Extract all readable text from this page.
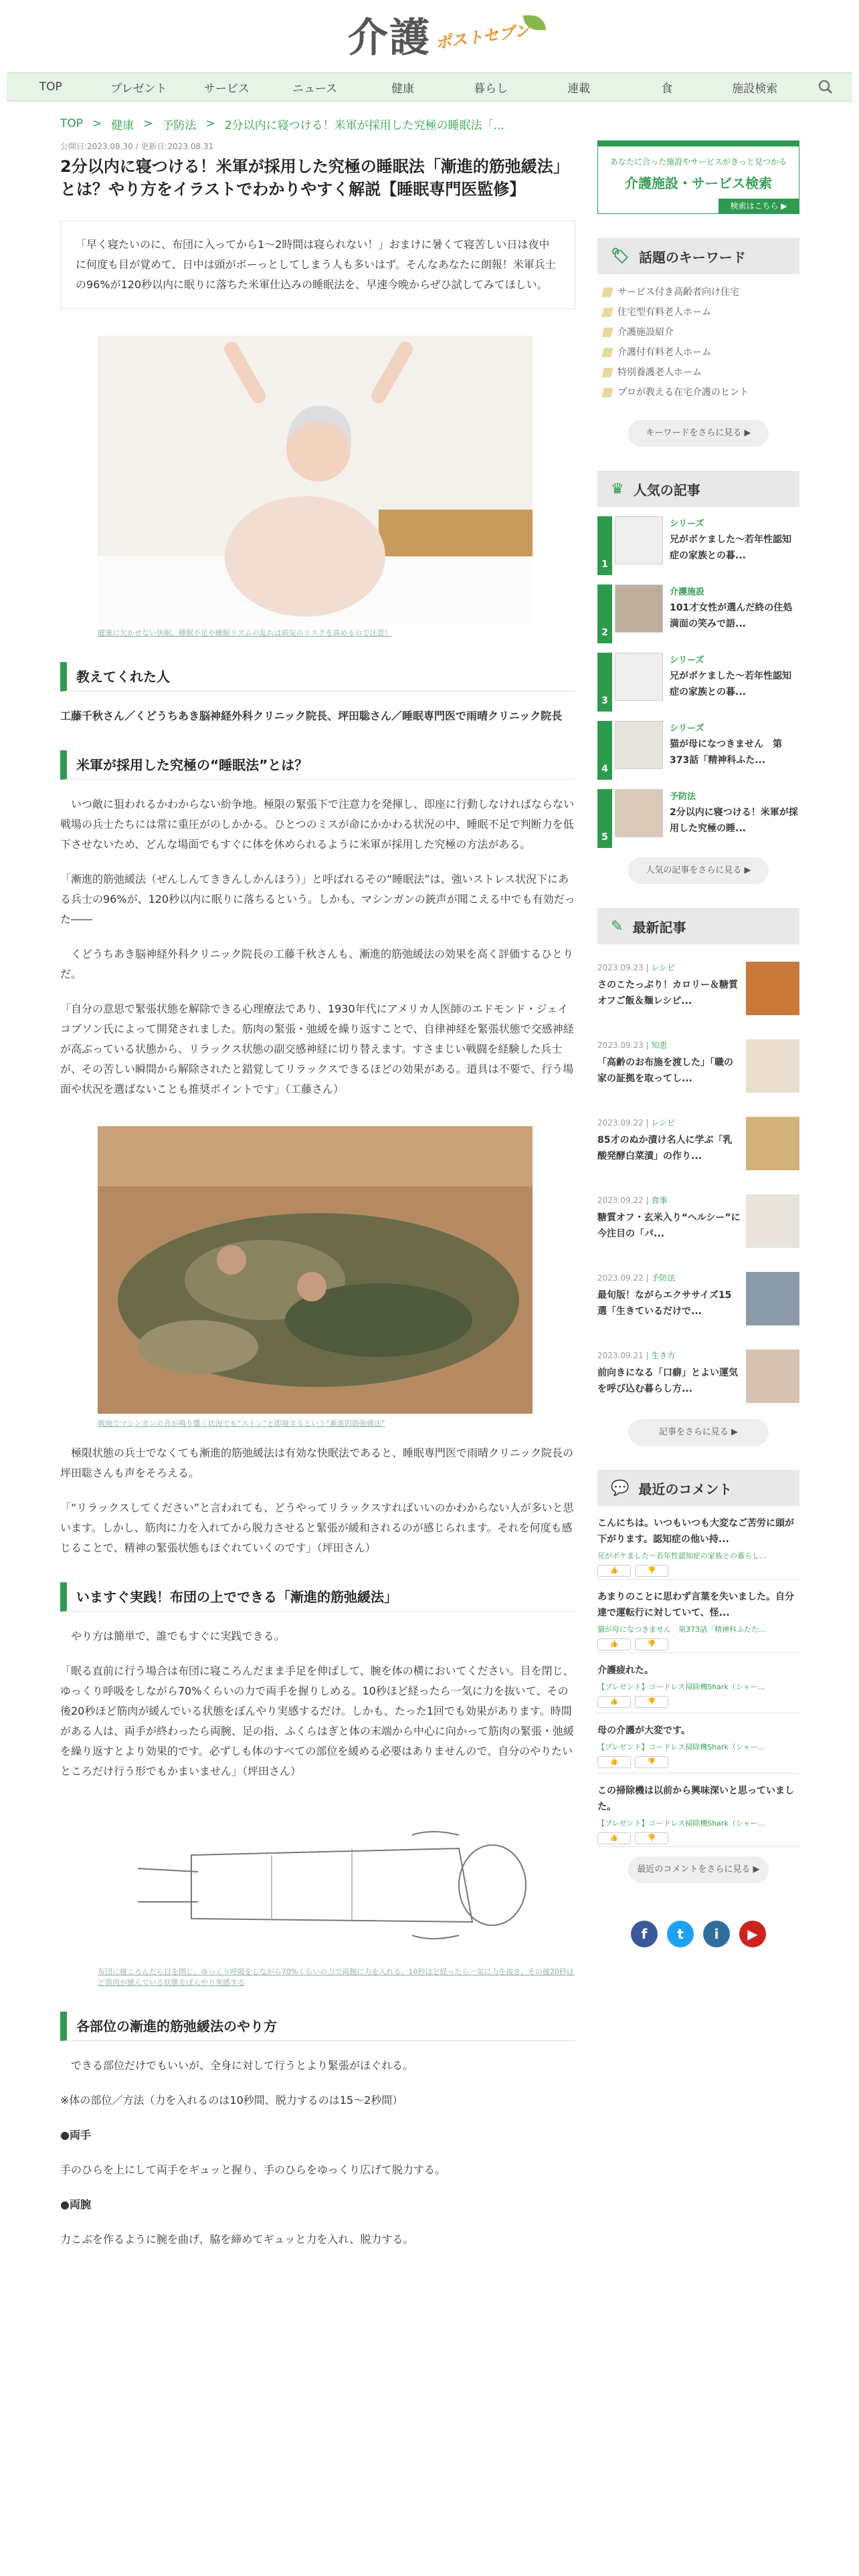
介護 ポストセブン
TOP	プレゼント	サービス	ニュース	健康	暮らし	連載	食	施設検索
TOP > 健康 > 予防法 > 2分以内に寝つける！米軍が採用した究極の睡眠法「...
公開日:2023.08.30 / 更新日:2023.08.31
2分以内に寝つける！米軍が採用した究極の睡眠法「漸進的筋弛緩法」とは？やり方をイラストでわかりやすく解説【睡眠専門医監修】
「早く寝たいのに、布団に入ってから1〜2時間は寝られない！」おまけに暑くて寝苦しい日は夜中に何度も目が覚めて、日中は頭がボーっとしてしまう人も多いはず。そんなあなたに朗報！米軍兵士の96%が120秒以内に眠りに落ちた米軍仕込みの睡眠法を、早速今晩からぜひ試してみてほしい。
健康に欠かせない快眠。睡眠不足や睡眠リズムの乱れは病気のリスクを高めるので注意！
教えてくれた人

工藤千秋さん／くどうちあき脳神経外科クリニック院長、坪田聡さん／睡眠専門医で雨晴クリニック院長

米軍が採用した究極の“睡眠法”とは？

いつ敵に狙われるかわからない紛争地。極限の緊張下で注意力を発揮し、即座に行動しなければならない戦場の兵士たちには常に重圧がのしかかる。ひとつのミスが命にかかわる状況の中、睡眠不足で判断力を低下させないため、どんな場面でもすぐに体を休められるように米軍が採用した究極の方法がある。

「漸進的筋弛緩法（ぜんしんてききんしかんほう）」と呼ばれるその“睡眠法”は、強いストレス状況下にある兵士の96%が、120秒以内に眠りに落ちるという。しかも、マシンガンの銃声が聞こえる中でも有効だった――

くどうちあき脳神経外科クリニック院長の工藤千秋さんも、漸進的筋弛緩法の効果を高く評価するひとりだ。

「自分の意思で緊張状態を解除できる心理療法であり、1930年代にアメリカ人医師のエドモンド・ジェイコブソン氏によって開発されました。筋肉の緊張・弛緩を繰り返すことで、自律神経を緊張状態で交感神経が高ぶっている状態から、リラックス状態の副交感神経に切り替えます。すさまじい戦闘を経験した兵士が、その苦しい瞬間から解除されたと錯覚してリラックスできるほどの効果がある。道具は不要で、行う場面や状況を選ばないことも推奨ポイントです」（工藤さん）

戦地でマシンガンの音が鳴り響く状況でも“ストン”と即寝するという“漸進的筋弛緩法”

極限状態の兵士でなくても漸進的筋弛緩法は有効な快眠法であると、睡眠専門医で雨晴クリニック院長の坪田聡さんも声をそろえる。

「“リラックスしてください”と言われても、どうやってリラックスすればいいのかわからない人が多いと思います。しかし、筋肉に力を入れてから脱力させると緊張が緩和されるのが感じられます。それを何度も感じることで、精神の緊張状態もほぐれていくのです」（坪田さん）

いますぐ実践！布団の上でできる「漸進的筋弛緩法」

やり方は簡単で、誰でもすぐに実践できる。

「眠る直前に行う場合は布団に寝ころんだまま手足を伸ばして、腕を体の横においてください。目を閉じ、ゆっくり呼吸をしながら70%くらいの力で両手を握りしめる。10秒ほど経ったら一気に力を抜いて、その後20秒ほど筋肉が緩んでいる状態をぼんやり実感するだけ。しかも、たった1回でも効果があります。時間がある人は、両手が終わったら両腕、足の指、ふくらはぎと体の末端から中心に向かって筋肉の緊張・弛緩を繰り返すとより効果的です。必ずしも体のすべての部位を緩める必要はありませんので、自分のやりたいところだけ行う形でもかまいません」（坪田さん）

布団に寝ころんだら目を閉じ、ゆっくり呼吸をしながら70%くらいの力で両腕に力を入れる。10秒ほど経ったら一気に力を抜き、その後20秒ほど筋肉が緩んでいる状態をぼんやり実感する
各部位の漸進的筋弛緩法のやり方

できる部位だけでもいいが、全身に対して行うとより緊張がほぐれる。

※体の部位／方法（力を入れるのは10秒間、脱力するのは15〜2秒間）

●両手

手のひらを上にして両手をギュッと握り、手のひらをゆっくり広げて脱力する。

●両腕

力こぶを作るように腕を曲げ、脇を締めてギュッと力を入れ、脱力する。

あなたに合った施設やサービスがきっと見つかる
介護施設・サービス検索
検索はこちら ▶
🏷 話題のキーワード
サービス付き高齢者向け住宅
住宅型有料老人ホーム
介護施設紹介
介護付有料老人ホーム
特別養護老人ホーム
プロが教える在宅介護のヒント
キーワードをさらに見る ▶
♛ 人気の記事
1
シリーズ
兄がボケました〜若年性認知症の家族との暮...
2
介護施設
101才女性が選んだ終の住処　満面の笑みで語...
3
シリーズ
兄がボケました〜若年性認知症の家族との暮...
4
シリーズ
猫が母になつきません　第373話「精神科ふた...
5
予防法
2分以内に寝つける！米軍が採用した究極の睡...
人気の記事をさらに見る ▶
✎ 最新記事
2023.09.23 | レシピ
さのこたっぷり！カロリー＆糖質オフご飯＆麺レシピ...
2023.09.23 | 知恵
「高齢のお布施を渡した」「職の家の証拠を取ってし...
2023.09.22 | レシピ
85才のぬか漬け名人に学ぶ「乳酸発酵白菜漬」の作り...
2023.09.22 | 食事
糖質オフ・玄米入り“ヘルシー”に今注目の「パ...
2023.09.22 | 予防法
最旬版！ながらエクササイズ15選「生きているだけで...
2023.09.21 | 生き方
前向きになる「口癖」とよい運気を呼び込む暮らし方...
記事をさらに見る ▶
💬 最近のコメント
こんにちは。いつもいつも大変なご苦労に頭が下がります。認知症の他い持...
兄がボケました〜若年性認知症の家族との暮らし...
👍	👎
あまりのことに思わず言葉を失いました。自分達で運転行に対していて、怪...
猫が母になつきません　第373話「精神科ふたた...
👍	👎
介護疲れた。
【プレゼント】コードレス掃除機Shark（シャー...
👍	👎
母の介護が大変です。
【プレゼント】コードレス掃除機Shark（シャー...
👍	👎
この掃除機は以前から興味深いと思っていました。
【プレゼント】コードレス掃除機Shark（シャー...
👍	👎
最近のコメントをさらに見る ▶
f	t	i	▶
